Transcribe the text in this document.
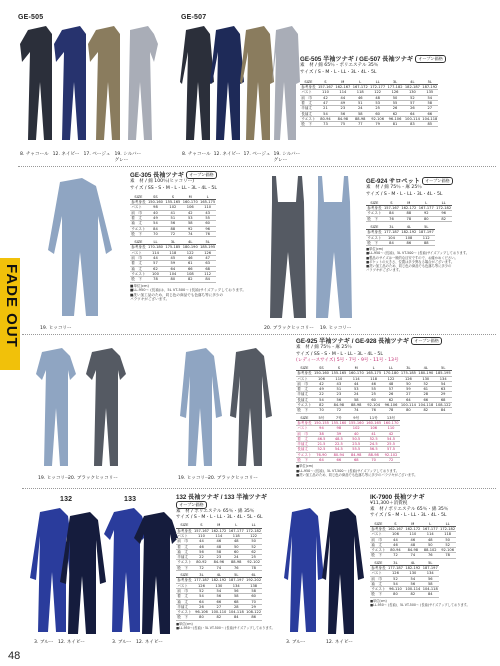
FADE OUT
48
GE-505	GE-507
8. チャコール 12. ネイビー 17. ベージュ 19. シルバー
グレー
8. チャコール 12. ネイビー 17. ベージュ 19. シルバー
グレー
GE-505 半袖ツナギ / GE-507 長袖ツナギ オープン価格
素　材 / 綿 65％・ポリエステル 35％
サイズ / S・M・L・LL・3L・4L・5L
SIZE	S	M	L	LL	3L	4L	5L
参考身長	157-167	162-167	167-172	172-177	177-182	182-187	187-192
バスト	110	114	118	122	126	130	135
肩　巾	42	44	46	48	50	52	54
着　丈	47	49	51	53	55	57	58
半袖丈	21	23	24	25	26	26	27
長袖丈	54	56	58	60	62	64	66
ウエスト	80-94	84-98	88-98	92-106	96-106	100-114	104-118
股　下	73	75	77	79	81	83	85
GE-305 長袖ツナギ オープン価格
素　材 / 綿 100％(ヒッコリー)
サイズ / SS・S・M・L・LL・3L・4L・5L
SIZE	SS	S	M	L
参考身長	150-160	155-165	160-170	165-175
バスト	98	102	106	110
肩　巾	40	41	42	43
着　丈	49	51	53	55
袖　丈	54	56	58	60
ウエスト	84	88	92	96
股　下	70	72	74	76
SIZE	LL	3L	4L	5L
参考身長	170-180	175-185	180-190	185-195
バスト	114	118	122	126
肩　巾	44	45	46	47
着　丈	57	59	61	63
袖　丈	62	64	66	68
ウエスト	100	104	108	112
股　下	78	80	82	84
■単位(cm)
■LL-950〜 (長袖)は、5L VT-500〜 (長袖)サイズアップしております。
■洗い加工品のため、同じ色の商品でも色落ち等に多少の
バラツキがございます。
19. ヒッコリー	20. ブラックヒッコリー 19. ヒッコリー
GE-924 サロペット オープン価格
素　材 / 綿 75％・麻 25％
サイズ / S・M・L・LL・3L・4L・5L
SIZE	S	M	L	LL
参考身長	157-167	162-172	167-177	172-182
ウエスト	84	88	92	96
股　下	76	78	80	82
SIZE	3L	4L	5L
参考身長	177-187	182-192	187-197
ウエスト	104	108	112
股　下	84	86	88
■単位(cm)
■LL-950〜 (長袖)、5L VT-500〜 (長袖)サイズアップしております。
■製品のサイズは一般的な目安ですので、お確かめください。
■ポケットの大きさ、位置は多少異なる場合がございます。
■洗い加工品のため、同じ色の商品でも色落ち等に多少の
バラツキがございます。
GE-925 半袖ツナギ / GE-928 長袖ツナギ オープン価格
素　材 / 綿 75％・麻 25％
サイズ / SS・S・M・L・LL・3L・4L・5L
(レディースサイズ) 5号・7号・9号・11号・13号
SIZE	SS	S	M	L	LL	3L	4L	5L
参考身長	150-160	155-165	160-170	165-175	170-180	175-185	180-190	185-195
バスト	106	110	114	118	122	126	130	134
肩　巾	42	43	44	46	48	50	52	54
着　丈	49	51	53	55	57	59	61	63
半袖丈	22	23	24	25	26	27	28	29
長袖丈	54	56	58	60	62	64	66	68
ウエスト	82	84-98	88-98	92-104	96-106	100-114	104-118	108-122
股　下	70	72	74	76	78	80	82	84
SIZE	5号	7号	9号	11号	13号
参考身長	150-155	155-160	155-160	160-165	160-170
バスト	94	98	102	106	110
肩　巾	38	39	40	41	42
着　丈	46.5	48.5	50.5	52.5	54.5
半袖丈	21.5	22.5	23.5	24.5	25.5
長袖丈	52.5	54.5	55.5	56.5	57.5
ウエスト	76-90	80-94	84-98	88-98	92-102
股　下	64	66	68	70	72
■単位(cm)
■LL-950〜 (長袖)、5L VT-500〜 (長袖)サイズアップしております。
■洗い加工品のため、同じ色の商品でも色落ち等に多少のバラツキがございます。
19. ヒッコリー
20. ブラックヒッコリー	19. ヒッコリー
20. ブラックヒッコリー
132	133
3. ブルー 12. ネイビー	3. ブルー 12. ネイビー
132 長袖ツナギ / 133 半袖ツナギ
オープン価格
素　材 / ポリエステル 65％・綿 35％
サイズ / S・M・L・LL・3L・4L・5L・6L
SIZE	S	M	L	LL
参考身長	157-167	162-172	167-177	172-182
バスト	110	114	118	122
肩　巾	44	46	48	50
着　丈	46	48	50	52
袖　丈	56	58	60	62
半袖丈	22	23	24	25
ウエスト	80-92	84-96	88-98	92-102
股　下	72	74	76	78
SIZE	3L	4L	5L	6L
参考身長	177-187	182-192	187-197	192-202
バスト	126	130	134	138
肩　巾	52	54	56	58
着　丈	54	56	58	60
袖　丈	64	66	68	70
半袖丈	26	27	28	29
ウエスト	96-106	100-110	104-118	108-122
股　下	80	82	84	86
■単位(cm)
■LL-950〜(長袖)・5L VT-500〜 (長袖)サイズアップしております。
3. ブルー	12. ネイビー
IK-7900 長袖ツナギ
¥11,300＋消費税
素　材 / ポリエステル 65％・綿 35％
サイズ / S・M・L・LL・3L・4L・5L
SIZE	S	M	L	LL
参考身長	162-167	162-172	167-177	172-182
バスト	106	110	114	118
肩　巾	44	46	48	50
袖　丈	46	48	50	52
ウエスト	80-94	84-98	88-102	92-106
股　下	72	74	76	78
SIZE	3L	4L	5L
参考身長	177-187	182-192	187-197
バスト	126	130	134
肩　巾	52	54	56
袖　丈	54	56	58
ウエスト	96-110	100-114	104-118
股　下	80	82	84
■単位(cm)
■LL-950〜 (長袖)、5L VT-500〜 (長袖)サイズアップしております。
